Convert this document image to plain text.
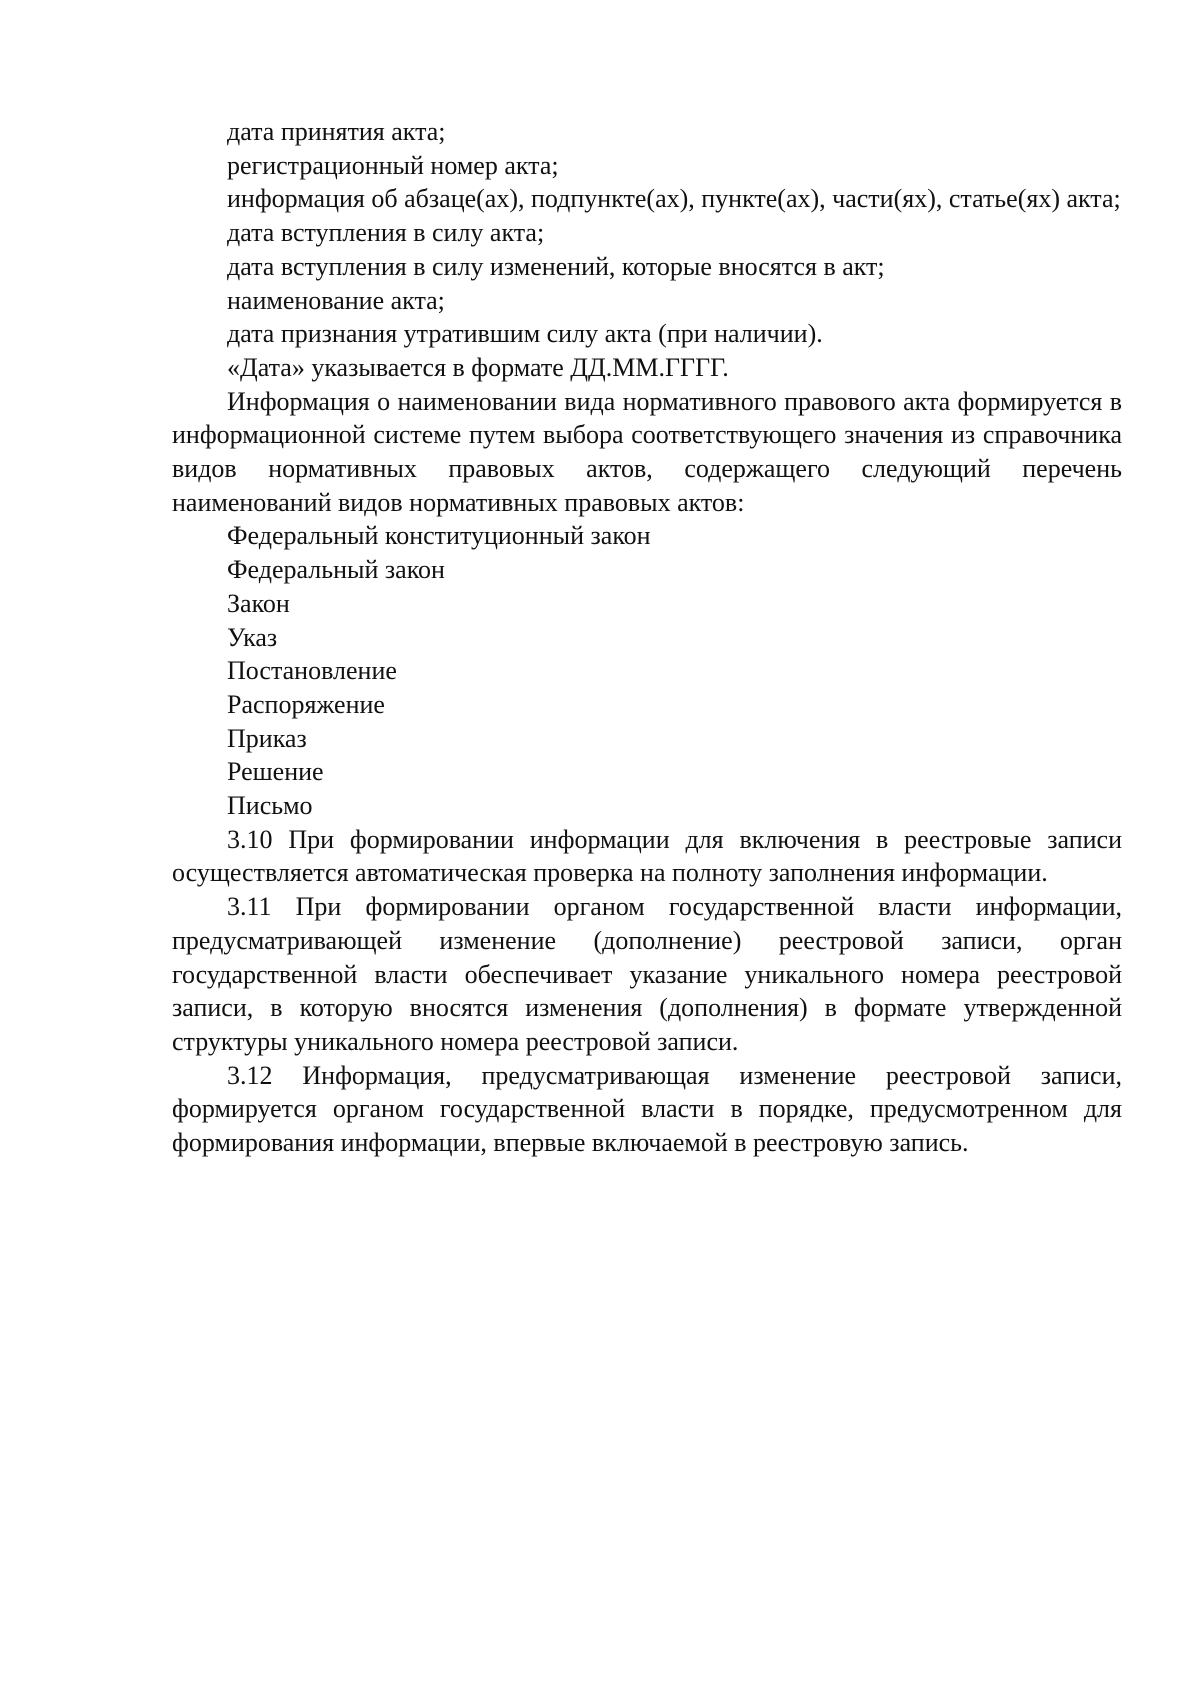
дата принятия акта;

регистрационный номер акта;

информация об абзаце(ах), подпункте(ах), пункте(ах), части(ях), статье(ях) акта;

дата вступления в силу акта;

дата вступления в силу изменений, которые вносятся в акт;

наименование акта;

дата признания утратившим силу акта (при наличии).

«Дата» указывается в формате ДД.ММ.ГГГГ.

Информация о наименовании вида нормативного правового акта формируется в информационной системе путем выбора соответствующего значения из справочника видов нормативных правовых актов, содержащего следующий перечень наименований видов нормативных правовых актов:

Федеральный конституционный закон

Федеральный закон

Закон

Указ

Постановление

Распоряжение

Приказ

Решение

Письмо

3.10 При формировании информации для включения в реестровые записи осуществляется автоматическая проверка на полноту заполнения информации.

3.11 При формировании органом государственной власти информации, предусматривающей изменение (дополнение) реестровой записи, орган государственной власти обеспечивает указание уникального номера реестровой записи, в которую вносятся изменения (дополнения) в формате утвержденной структуры уникального номера реестровой записи.

3.12 Информация, предусматривающая изменение реестровой записи, формируется органом государственной власти в порядке, предусмотренном для формирования информации, впервые включаемой в реестровую запись.
